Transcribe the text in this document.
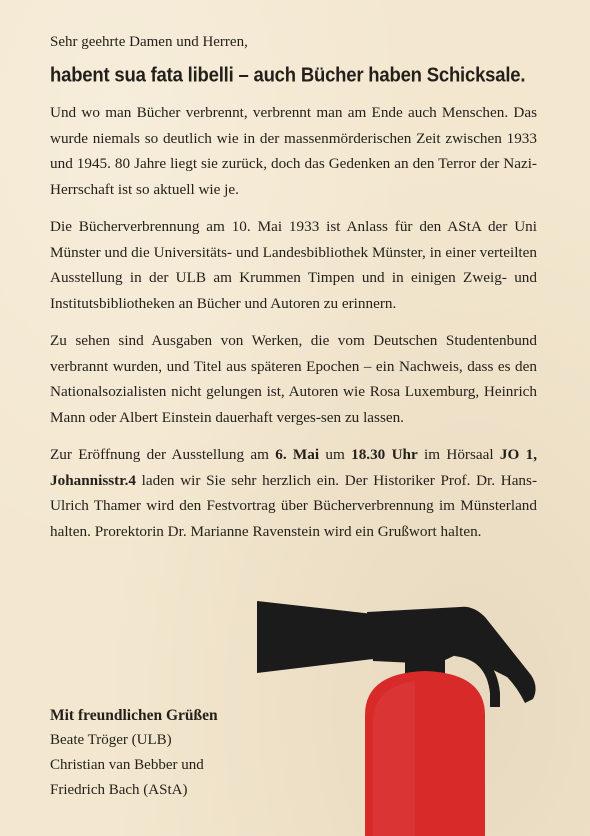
Sehr geehrte Damen und Herren,

habent sua fata libelli – auch Bücher haben Schicksale.

Und wo man Bücher verbrennt, verbrennt man am Ende auch Menschen. Das wurde niemals so deutlich wie in der massenmörderischen Zeit zwischen 1933 und 1945. 80 Jahre liegt sie zurück, doch das Gedenken an den Terror der Nazi-Herrschaft ist so aktuell wie je.

Die Bücherverbrennung am 10. Mai 1933 ist Anlass für den AStA der Uni Münster und die Universitäts- und Landesbibliothek Münster, in einer verteilten Ausstellung in der ULB am Krummen Timpen und in einigen Zweig- und Institutsbibliotheken an Bücher und Autoren zu erinnern.

Zu sehen sind Ausgaben von Werken, die vom Deutschen Studentenbund verbrannt wurden, und Titel aus späteren Epochen – ein Nachweis, dass es den Nationalsozialisten nicht gelungen ist, Autoren wie Rosa Luxemburg, Heinrich Mann oder Albert Einstein dauerhaft verges-sen zu lassen.

Zur Eröffnung der Ausstellung am 6. Mai um 18.30 Uhr im Hörsaal JO 1, Johannisstr.4 laden wir Sie sehr herzlich ein. Der Historiker Prof. Dr. Hans-Ulrich Thamer wird den Festvortrag über Bücherverbrennung im Münsterland halten. Prorektorin Dr. Marianne Ravenstein wird ein Grußwort halten.

Mit freundlichen Grüßen
Beate Tröger (ULB)
Christian van Bebber und
Friedrich Bach (AStA)
